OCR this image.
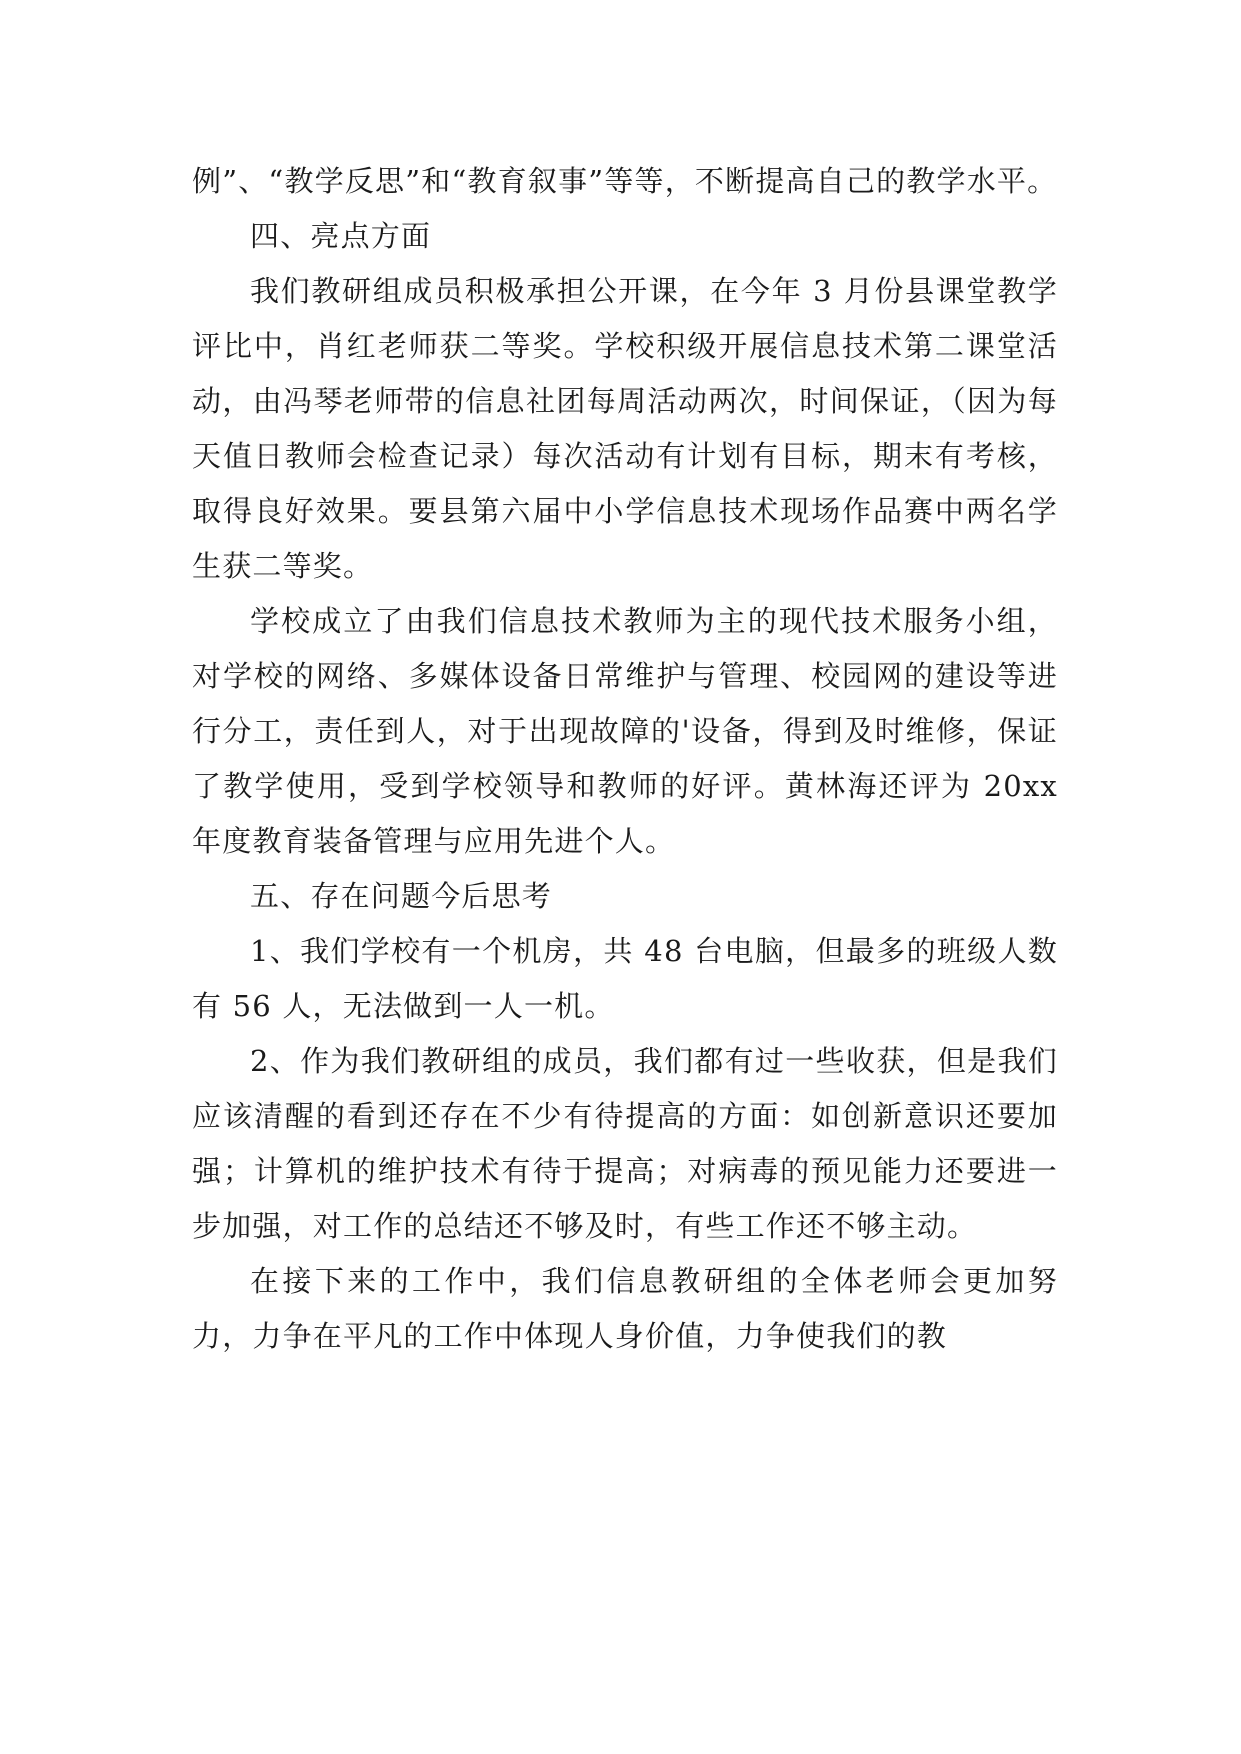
例”、“教学反思”和“教育叙事”等等，不断提高自己的教学水平。

四、亮点方面

我们教研组成员积极承担公开课，在今年 3 月份县课堂教学评比中，肖红老师获二等奖。学校积级开展信息技术第二课堂活动，由冯琴老师带的信息社团每周活动两次，时间保证，（因为每天值日教师会检查记录）每次活动有计划有目标，期末有考核，取得良好效果。要县第六届中小学信息技术现场作品赛中两名学生获二等奖。

学校成立了由我们信息技术教师为主的现代技术服务小组，对学校的网络、多媒体设备日常维护与管理、校园网的建设等进行分工，责任到人，对于出现故障的'设备，得到及时维修，保证了教学使用，受到学校领导和教师的好评。黄林海还评为 20xx 年度教育装备管理与应用先进个人。

五、存在问题今后思考

1、我们学校有一个机房，共 48 台电脑，但最多的班级人数有 56 人，无法做到一人一机。

2、作为我们教研组的成员，我们都有过一些收获，但是我们应该清醒的看到还存在不少有待提高的方面：如创新意识还要加强；计算机的维护技术有待于提高；对病毒的预见能力还要进一步加强，对工作的总结还不够及时，有些工作还不够主动。

在接下来的工作中，我们信息教研组的全体老师会更加努力，力争在平凡的工作中体现人身价值，力争使我们的教
